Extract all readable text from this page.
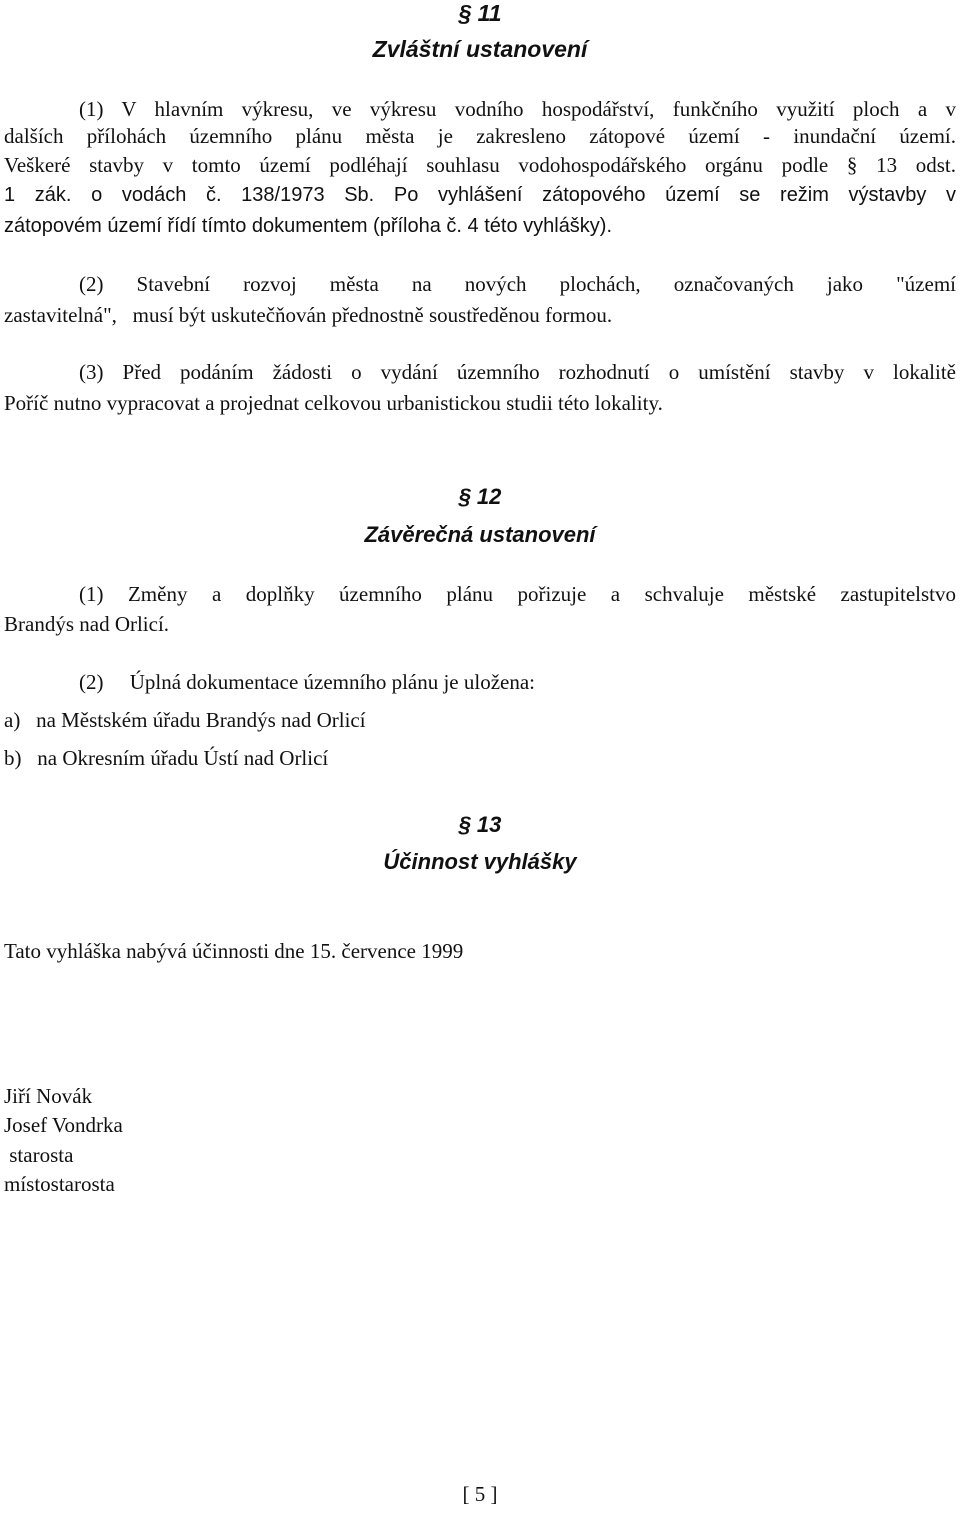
§ 11
Zvláštní ustanovení
(1) V hlavním výkresu, ve výkresu vodního hospodářství, funkčního využití ploch a v
dalších přílohách územního plánu města je zakresleno zátopové území - inundační území.
Veškeré stavby v tomto území podléhají souhlasu vodohospodářského orgánu podle § 13 odst.
1 zák. o vodách č. 138/1973 Sb. Po vyhlášení zátopového území se režim výstavby v
zátopovém území řídí tímto dokumentem (příloha č. 4 této vyhlášky).
(2) Stavební rozvoj města na nových plochách, označovaných jako "území
zastavitelná",   musí být uskutečňován přednostně soustředěnou formou.
(3) Před podáním žádosti o vydání územního rozhodnutí o umístění stavby v lokalitě
Poříč nutno vypracovat a projednat celkovou urbanistickou studii této lokality.
§ 12
Závěrečná ustanovení
(1) Změny a doplňky územního plánu pořizuje a schvaluje městské zastupitelstvo
Brandýs nad Orlicí.
(2)     Úplná dokumentace územního plánu je uložena:
a)   na Městském úřadu Brandýs nad Orlicí
b)   na Okresním úřadu Ústí nad Orlicí
§ 13
Účinnost vyhlášky
Tato vyhláška nabývá účinnosti dne 15. července 1999
Jiří Novák
Josef Vondrka
starosta
místostarosta
[ 5 ]
